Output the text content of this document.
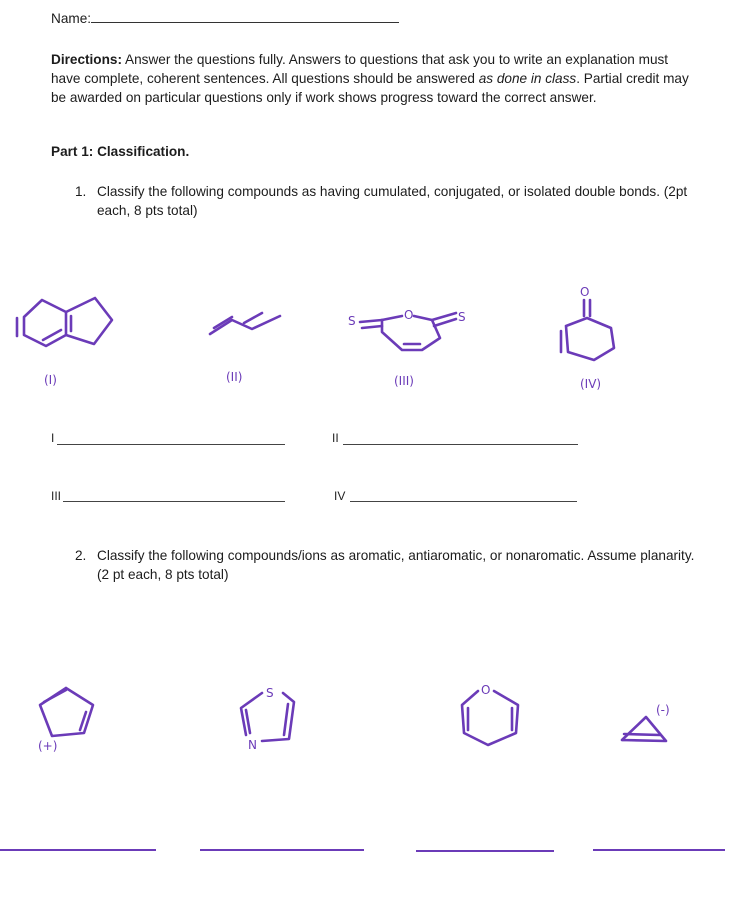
Name:
Directions: Answer the questions fully. Answers to questions that ask you to write an explanation must have complete, coherent sentences. All questions should be answered as done in class. Partial credit may be awarded on particular questions only if work shows progress toward the correct answer.
Part 1: Classification.
1. Classify the following compounds as having cumulated, conjugated, or isolated double bonds. (2pt each, 8 pts total)
2. Classify the following compounds/ions as aromatic, antiaromatic, or nonaromatic. Assume planarity. (2 pt each, 8 pts total)
(I)	(II)
S	O	S
(III)
O
(IV)
(+)
S
N
O
(-)
I	II
III	IV
